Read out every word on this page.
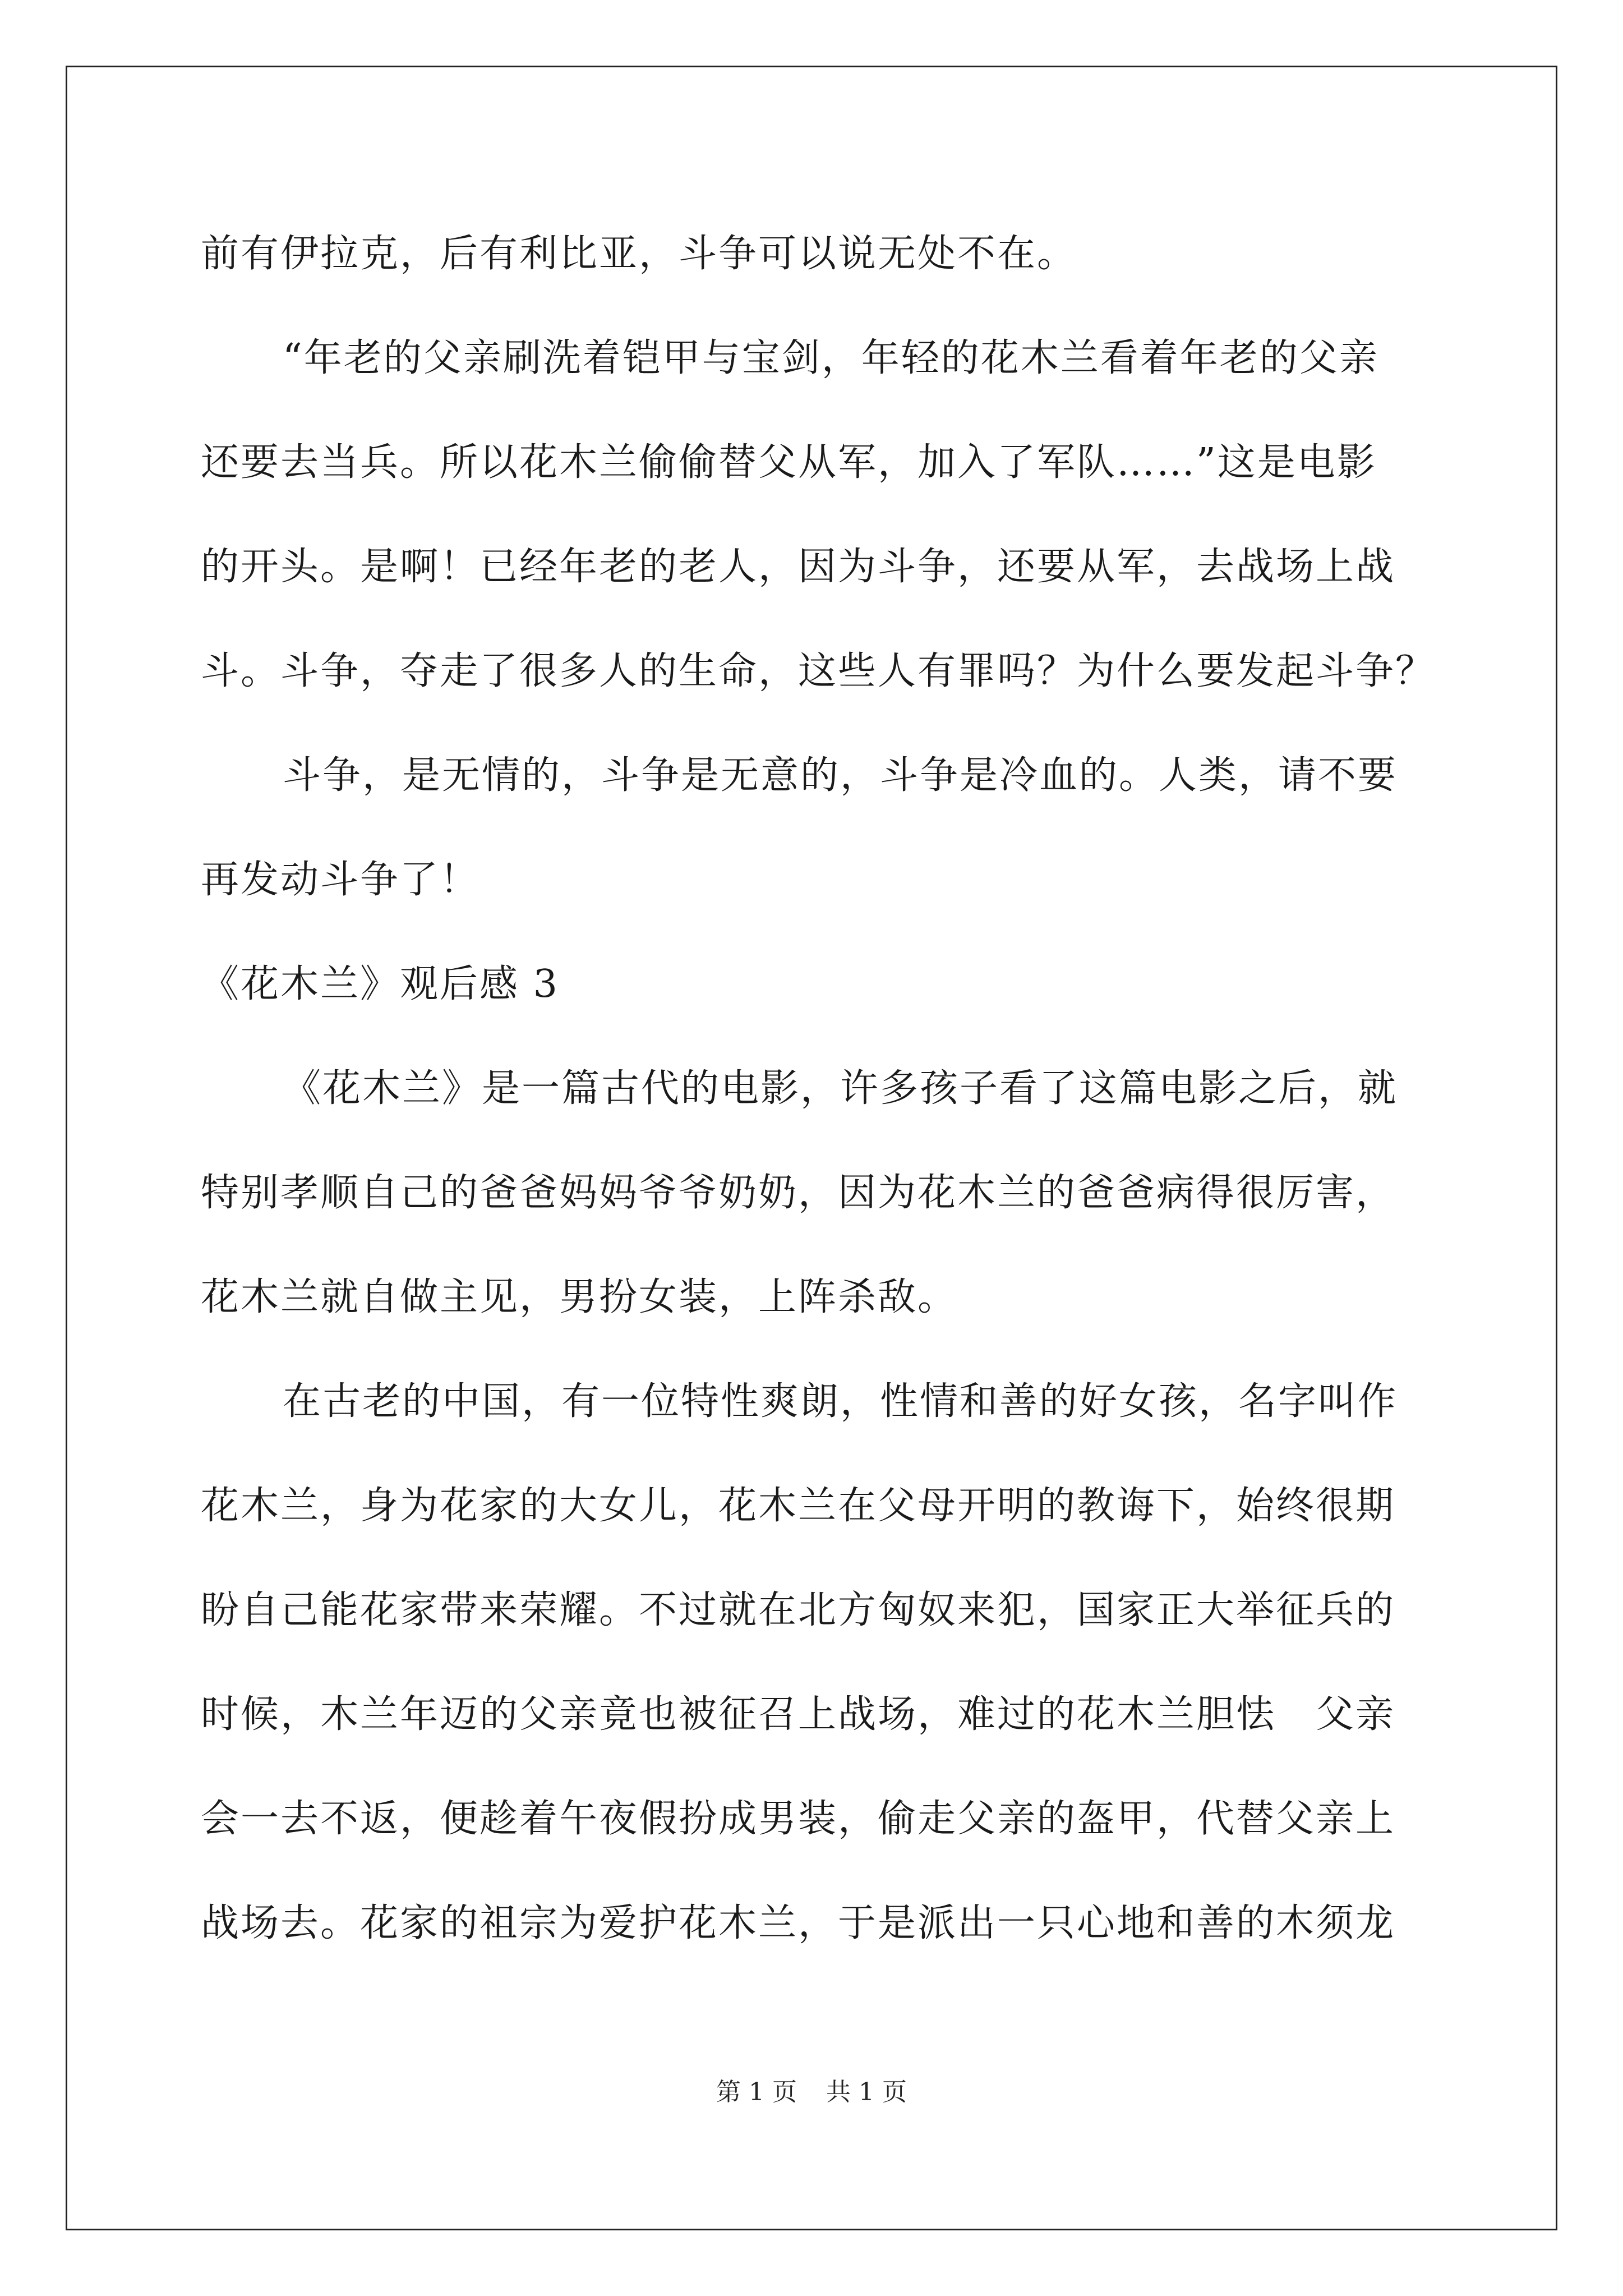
前有伊拉克，后有利比亚，斗争可以说无处不在。
“年老的父亲刷洗着铠甲与宝剑，年轻的花木兰看着年老的父亲
还要去当兵。所以花木兰偷偷替父从军，加入了军队……”这是电影
的开头。是啊！已经年老的老人，因为斗争，还要从军，去战场上战
斗。斗争，夺走了很多人的生命，这些人有罪吗？为什么要发起斗争？
斗争，是无情的，斗争是无意的，斗争是冷血的。人类，请不要
再发动斗争了！
《花木兰》观后感 3
《花木兰》是一篇古代的电影，许多孩子看了这篇电影之后，就
特别孝顺自己的爸爸妈妈爷爷奶奶，因为花木兰的爸爸病得很厉害，
花木兰就自做主见，男扮女装，上阵杀敌。
在古老的中国，有一位特性爽朗，性情和善的好女孩，名字叫作
花木兰，身为花家的大女儿，花木兰在父母开明的教诲下，始终很期
盼自己能花家带来荣耀。不过就在北方匈奴来犯，国家正大举征兵的
时候，木兰年迈的父亲竟也被征召上战场，难过的花木兰胆怯　父亲
会一去不返，便趁着午夜假扮成男装，偷走父亲的盔甲，代替父亲上
战场去。花家的祖宗为爱护花木兰，于是派出一只心地和善的木须龙
第 1 页 共 1 页
